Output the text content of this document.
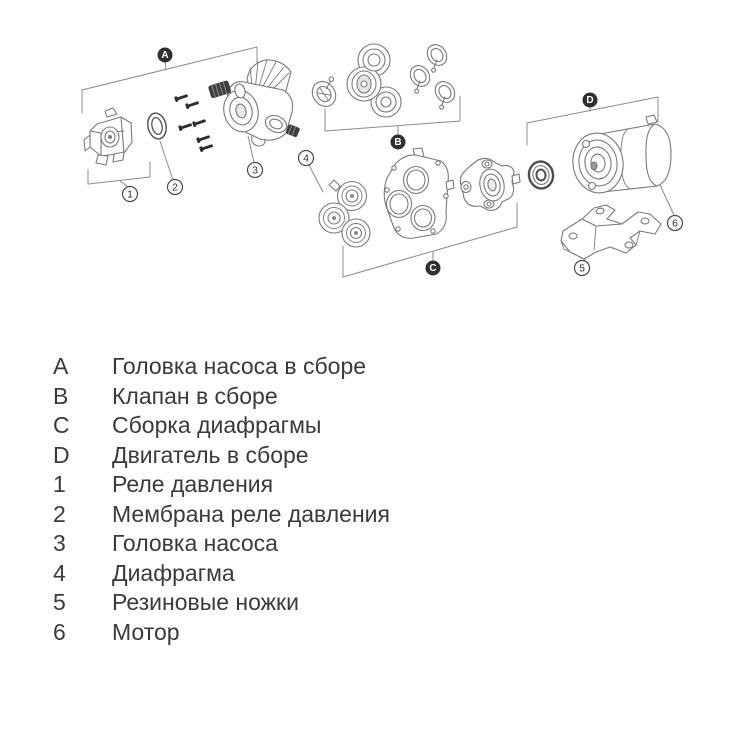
A
B
C
D
1
2
3
4
5
6
A	Головка насоса в сборе
B	Клапан в сборе
C	Сборка диафрагмы
D	Двигатель в сборе
1	Реле давления
2	Мембрана реле давления
3	Головка насоса
4	Диафрагма
5	Резиновые ножки
6	Мотор
